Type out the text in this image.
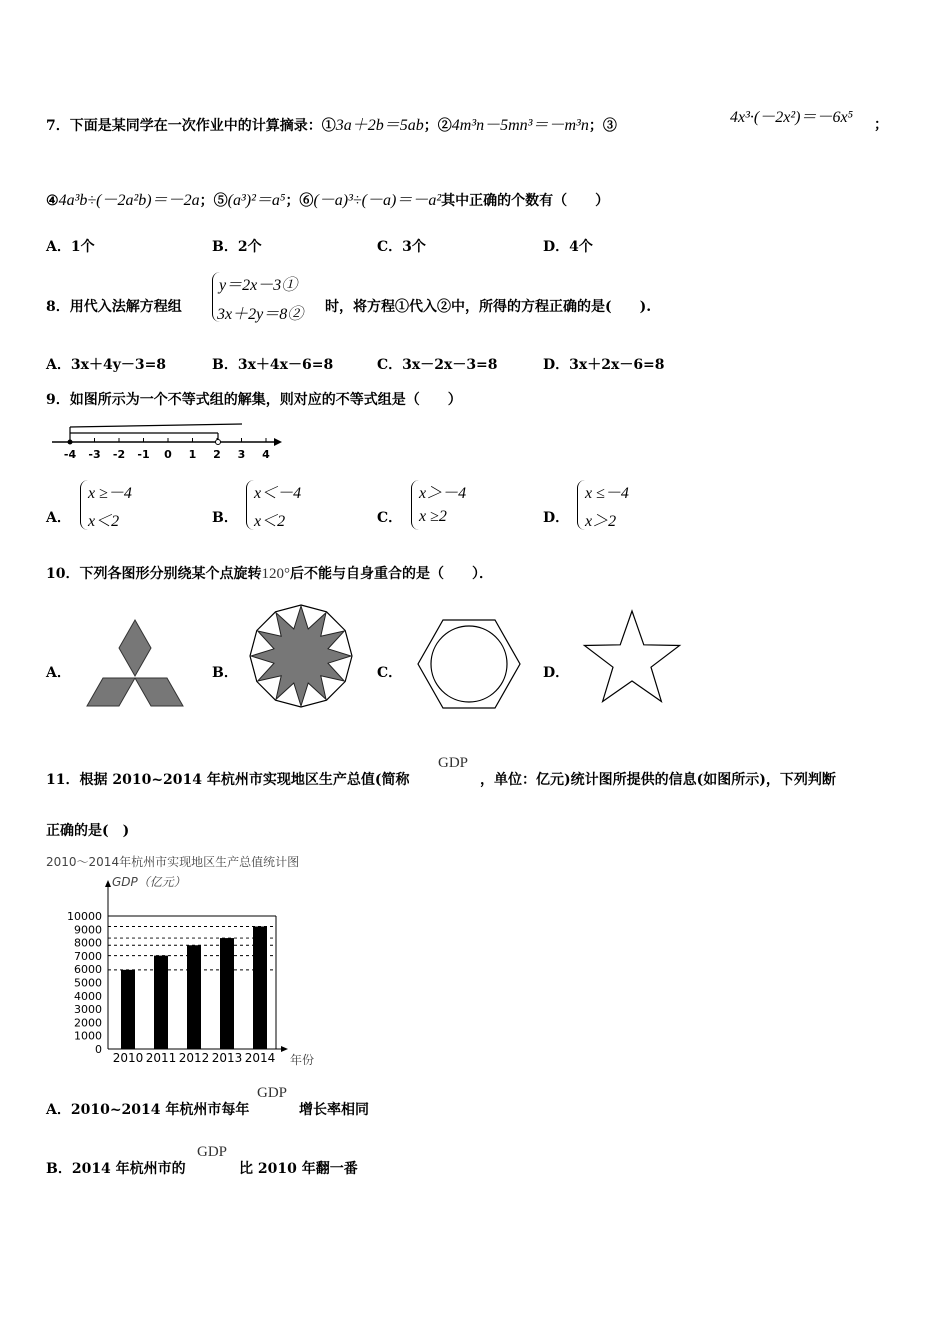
7．下面是某同学在一次作业中的计算摘录：①3a＋2b＝5ab；②4m³n－5mn³＝－m³n；③	4x³·(－2x²)＝－6x⁵ ；
④4a³b÷(－2a²b)＝－2a；⑤(a³)²＝a⁵；⑥(－a)³÷(－a)＝－a²其中正确的个数有（　　）
A．1个	B．2个	C．3个	D．4个
8．用代入法解方程组
y＝2x－3①
3x＋2y＝8② 时，将方程①代入②中，所得的方程正确的是(　　).
A．3x＋4y－3=8	B．3x＋4x－6=8	C．3x－2x－3=8	D．3x＋2x－6=8
9．如图所示为一个不等式组的解集，则对应的不等式组是（　　）
-4 -3 -2 -1 0 1 2 3 4
A．
x ≥－4
x＜2	B．
x＜－4
x＜2	C．
x＞－4
x ≥2	D．
x ≤－4
x＞2
10．下列各图形分别绕某个点旋转120°后不能与自身重合的是（　　）．
A．	B．	C．	D．
11．根据 2010~2014 年杭州市实现地区生产总值(简称
GDP
，单位：亿元)统计图所提供的信息(如图所示)，下列判断
正确的是(　)
2010～2014年杭州市实现地区生产总值统计图
GDP（亿元）
年份
10000
9000
8000
7000
6000
5000
4000
3000
2000
1000
0
2010 2011 2012 2013 2014
A．2010~2014 年杭州市每年
GDP
增长率相同
B．2014 年杭州市的
GDP
比 2010 年翻一番
